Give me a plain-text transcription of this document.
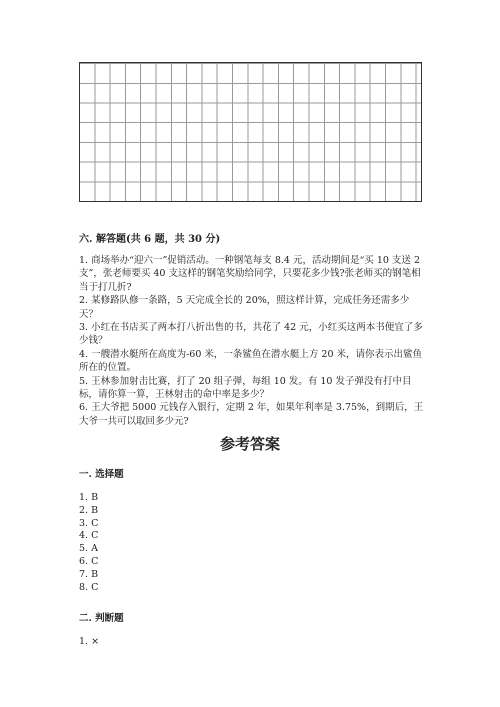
六. 解答题(共 6 题，共 30 分)
1. 商场举办“迎六一”促销活动。一种钢笔每支 8.4 元，活动期间是“买 10 支送 2 支”，张老师要买 40 支这样的钢笔奖励给同学，只要花多少钱?张老师买的钢笔相当于打几折?
2. 某修路队修一条路，5 天完成全长的 20%，照这样计算，完成任务还需多少天？
3. 小红在书店买了两本打八折出售的书，共花了 42 元，小红买这两本书便宜了多少钱？
4. 一艘潜水艇所在高度为-60 米，一条鲨鱼在潜水艇上方 20 米，请你表示出鲨鱼所在的位置。
5. 王林参加射击比赛，打了 20 组子弹，每组 10 发。有 10 发子弹没有打中目标，请你算一算，王林射击的命中率是多少？
6. 王大爷把 5000 元钱存入银行，定期 2 年，如果年利率是 3.75%，到期后，王大爷一共可以取回多少元?
参考答案
一. 选择题
1. B
2. B
3. C
4. C
5. A
6. C
7. B
8. C
二. 判断题
1. ×
